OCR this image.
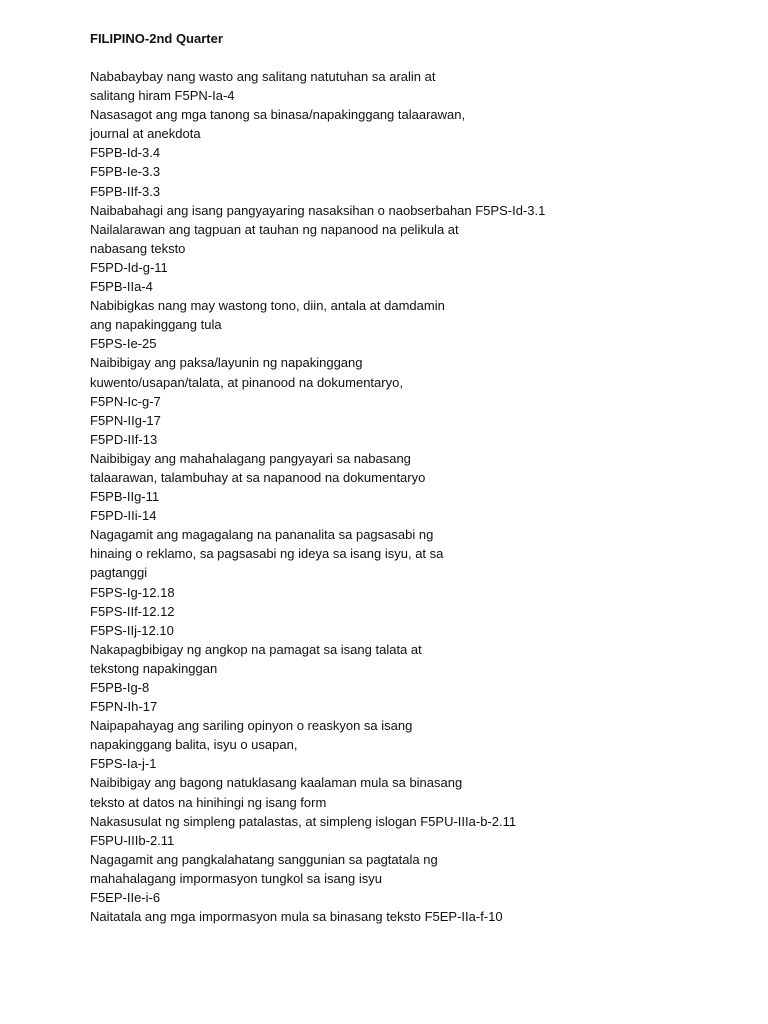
FILIPINO-2nd Quarter
Nababaybay nang wasto ang salitang natutuhan sa aralin at
salitang hiram F5PN-Ia-4
Nasasagot ang mga tanong sa binasa/napakinggang talaarawan,
journal at anekdota
F5PB-Id-3.4
F5PB-Ie-3.3
F5PB-IIf-3.3
Naibabahagi ang isang pangyayaring nasaksihan o naobserbahan F5PS-Id-3.1
Nailalarawan ang tagpuan at tauhan ng napanood na pelikula at
nabasang teksto
F5PD-Id-g-11
F5PB-IIa-4
Nabibigkas nang may wastong tono, diin, antala at damdamin
ang napakinggang tula
F5PS-Ie-25
Naibibigay ang paksa/layunin ng napakinggang
kuwento/usapan/talata, at pinanood na dokumentaryo,
F5PN-Ic-g-7
F5PN-IIg-17
F5PD-IIf-13
Naibibigay ang mahahalagang pangyayari sa nabasang
talaarawan, talambuhay at sa napanood na dokumentaryo
F5PB-IIg-11
F5PD-IIi-14
Nagagamit ang magagalang na pananalita sa pagsasabi ng
hinaing o reklamo, sa pagsasabi ng ideya sa isang isyu, at sa
pagtanggi
F5PS-Ig-12.18
F5PS-IIf-12.12
F5PS-IIj-12.10
Nakapagbibigay ng angkop na pamagat sa isang talata at
tekstong napakinggan
F5PB-Ig-8
F5PN-Ih-17
Naipapahayag ang sariling opinyon o reaskyon sa isang
napakinggang balita, isyu o usapan,
F5PS-Ia-j-1
Naibibigay ang bagong natuklasang kaalaman mula sa binasang
teksto at datos na hinihingi ng isang form
Nakasusulat ng simpleng patalastas, at simpleng islogan F5PU-IIIa-b-2.11
F5PU-IIIb-2.11
Nagagamit ang pangkalahatang sanggunian sa pagtatala ng
mahahalagang impormasyon tungkol sa isang isyu
F5EP-IIe-i-6
Naitatala ang mga impormasyon mula sa binasang teksto F5EP-IIa-f-10
